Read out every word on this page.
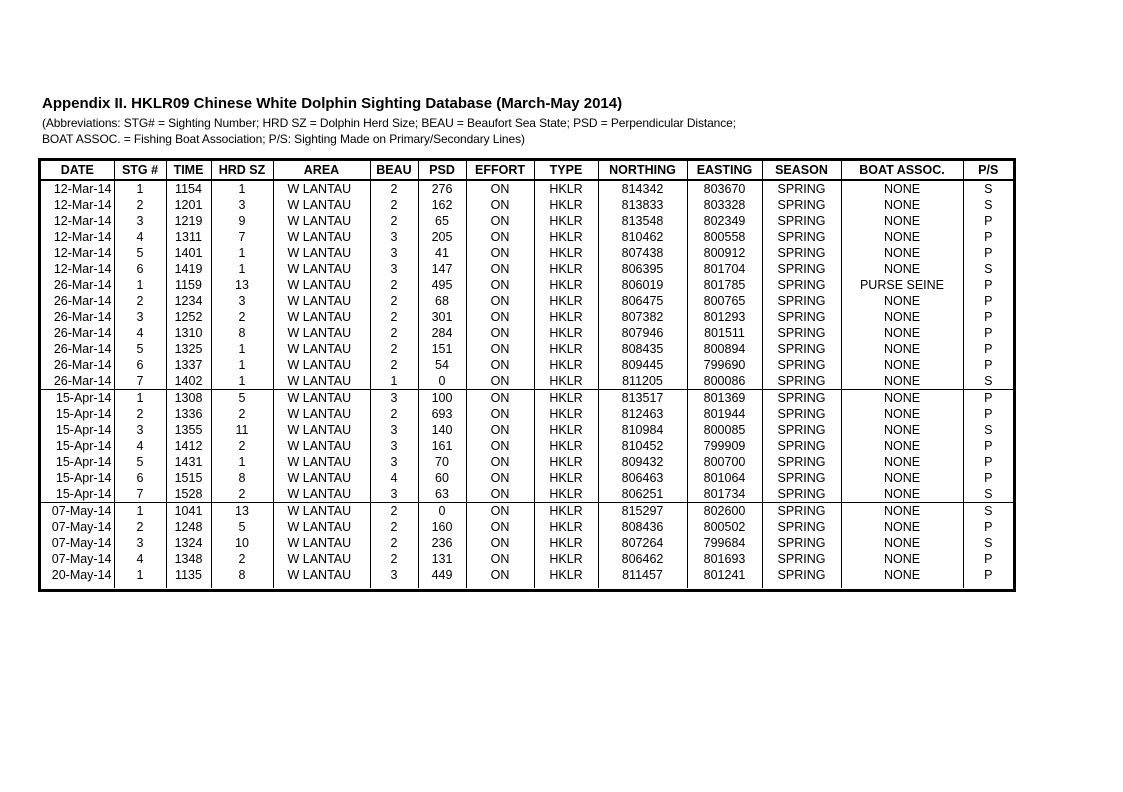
Appendix II. HKLR09 Chinese White Dolphin Sighting Database (March-May 2014)
(Abbreviations: STG# = Sighting Number; HRD SZ = Dolphin Herd Size; BEAU = Beaufort Sea State; PSD = Perpendicular Distance;
BOAT ASSOC. = Fishing Boat Association; P/S: Sighting Made on Primary/Secondary Lines)
DATE	STG #	TIME	HRD SZ	AREA	BEAU	PSD	EFFORT	TYPE	NORTHING	EASTING	SEASON	BOAT ASSOC.	P/S
12-Mar-14	1	1154	1	W LANTAU	2	276	ON	HKLR	814342	803670	SPRING	NONE	S
12-Mar-14	2	1201	3	W LANTAU	2	162	ON	HKLR	813833	803328	SPRING	NONE	S
12-Mar-14	3	1219	9	W LANTAU	2	65	ON	HKLR	813548	802349	SPRING	NONE	P
12-Mar-14	4	1311	7	W LANTAU	3	205	ON	HKLR	810462	800558	SPRING	NONE	P
12-Mar-14	5	1401	1	W LANTAU	3	41	ON	HKLR	807438	800912	SPRING	NONE	P
12-Mar-14	6	1419	1	W LANTAU	3	147	ON	HKLR	806395	801704	SPRING	NONE	S
26-Mar-14	1	1159	13	W LANTAU	2	495	ON	HKLR	806019	801785	SPRING	PURSE SEINE	P
26-Mar-14	2	1234	3	W LANTAU	2	68	ON	HKLR	806475	800765	SPRING	NONE	P
26-Mar-14	3	1252	2	W LANTAU	2	301	ON	HKLR	807382	801293	SPRING	NONE	P
26-Mar-14	4	1310	8	W LANTAU	2	284	ON	HKLR	807946	801511	SPRING	NONE	P
26-Mar-14	5	1325	1	W LANTAU	2	151	ON	HKLR	808435	800894	SPRING	NONE	P
26-Mar-14	6	1337	1	W LANTAU	2	54	ON	HKLR	809445	799690	SPRING	NONE	P
26-Mar-14	7	1402	1	W LANTAU	1	0	ON	HKLR	811205	800086	SPRING	NONE	S
15-Apr-14	1	1308	5	W LANTAU	3	100	ON	HKLR	813517	801369	SPRING	NONE	P
15-Apr-14	2	1336	2	W LANTAU	2	693	ON	HKLR	812463	801944	SPRING	NONE	P
15-Apr-14	3	1355	11	W LANTAU	3	140	ON	HKLR	810984	800085	SPRING	NONE	S
15-Apr-14	4	1412	2	W LANTAU	3	161	ON	HKLR	810452	799909	SPRING	NONE	P
15-Apr-14	5	1431	1	W LANTAU	3	70	ON	HKLR	809432	800700	SPRING	NONE	P
15-Apr-14	6	1515	8	W LANTAU	4	60	ON	HKLR	806463	801064	SPRING	NONE	P
15-Apr-14	7	1528	2	W LANTAU	3	63	ON	HKLR	806251	801734	SPRING	NONE	S
07-May-14	1	1041	13	W LANTAU	2	0	ON	HKLR	815297	802600	SPRING	NONE	S
07-May-14	2	1248	5	W LANTAU	2	160	ON	HKLR	808436	800502	SPRING	NONE	P
07-May-14	3	1324	10	W LANTAU	2	236	ON	HKLR	807264	799684	SPRING	NONE	S
07-May-14	4	1348	2	W LANTAU	2	131	ON	HKLR	806462	801693	SPRING	NONE	P
20-May-14	1	1135	8	W LANTAU	3	449	ON	HKLR	811457	801241	SPRING	NONE	P
